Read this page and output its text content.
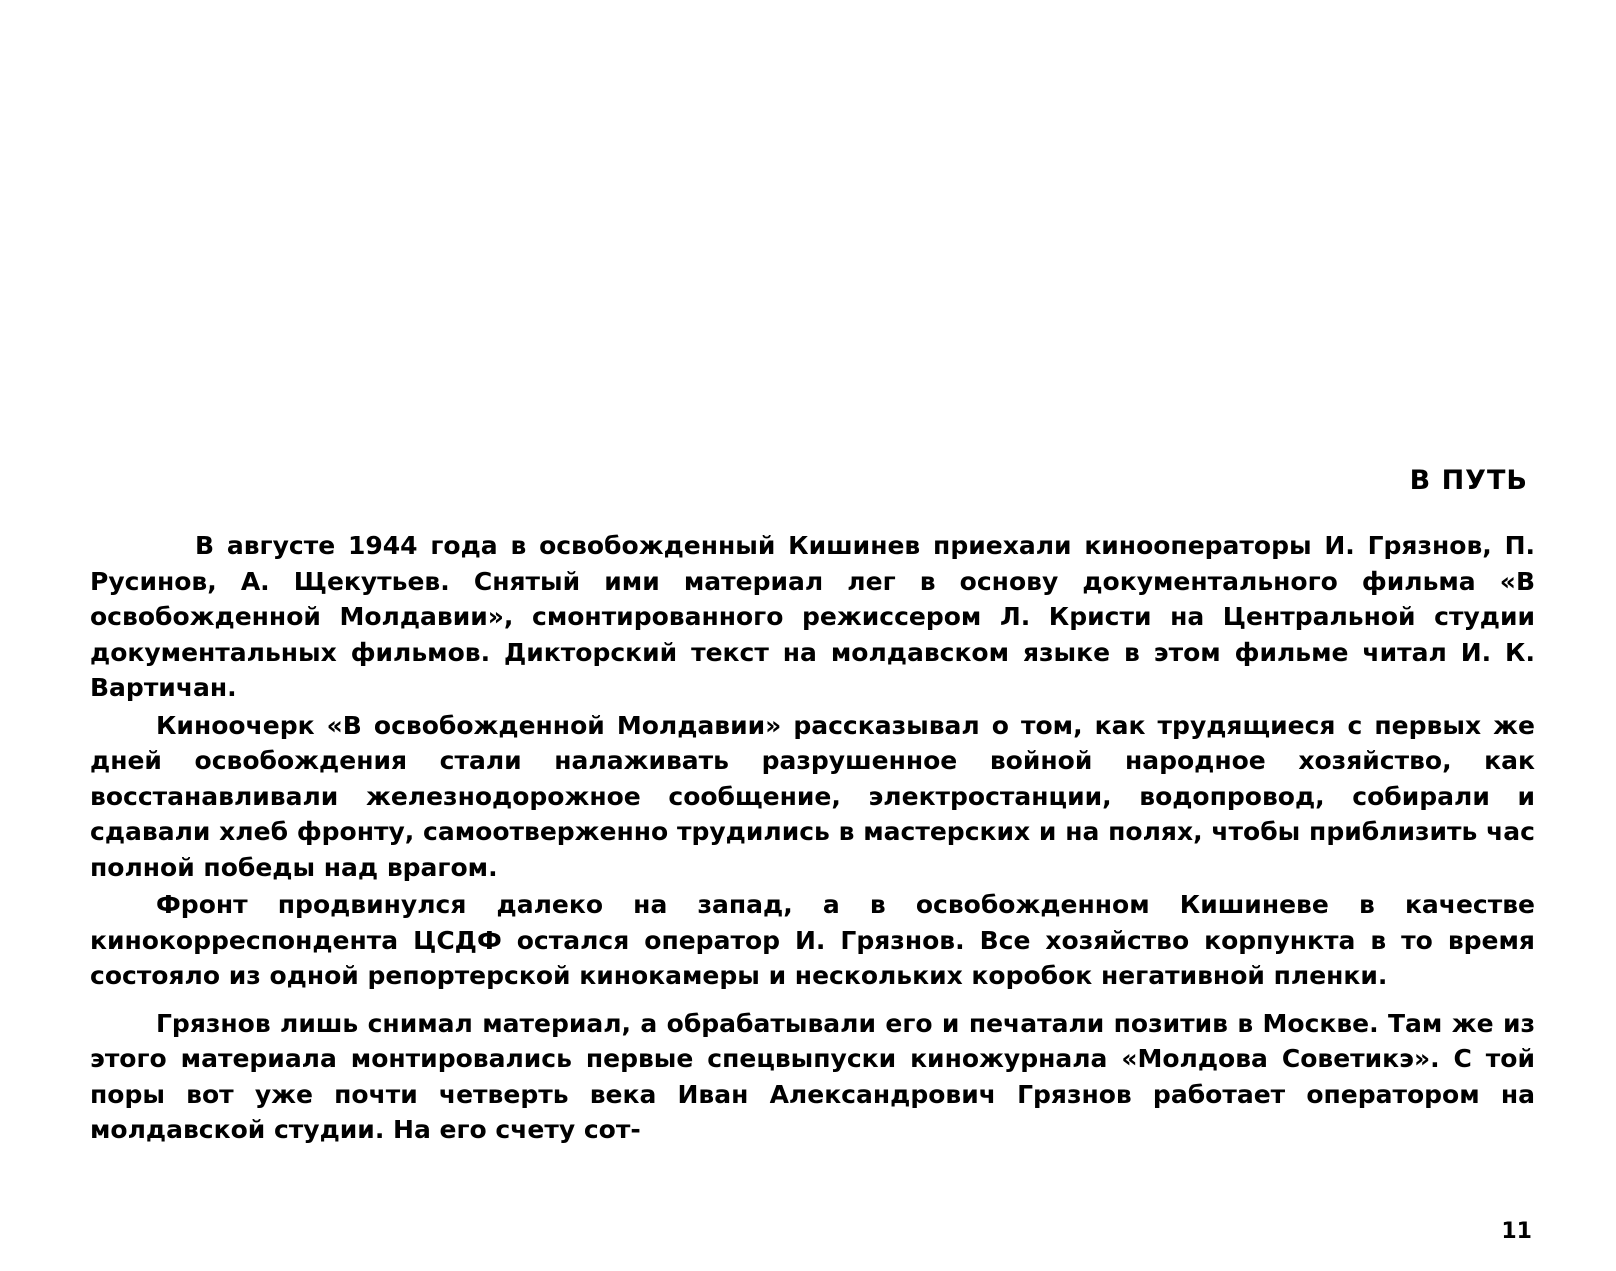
В ПУТЬ

В августе 1944 года в освобожденный Кишинев приехали кинооператоры И. Грязнов, П. Русинов, А. Щекутьев. Снятый ими материал лег в основу документального фильма «В освобожденной Молдавии», смонтированного режиссером Л. Кристи на Центральной студии документальных фильмов. Дикторский текст на молдавском языке в этом фильме читал И. К. Вартичан.

Киноочерк «В освобожденной Молдавии» рассказывал о том, как трудящиеся с первых же дней освобождения стали налаживать разрушенное войной народное хозяйство, как восстанавливали железнодорожное сообщение, электростанции, водопровод, собирали и сдавали хлеб фронту, самоотверженно трудились в мастерских и на полях, чтобы приблизить час полной победы над врагом.

Фронт продвинулся далеко на запад, а в освобожденном Кишиневе в качестве кинокорреспондента ЦСДФ остался оператор И. Грязнов. Все хозяйство корпункта в то время состояло из одной репортерской кинокамеры и нескольких коробок негативной пленки.

Грязнов лишь снимал материал, а обрабатывали его и печатали позитив в Москве. Там же из этого материала монтировались первые спецвыпуски киножурнала «Молдова Советикэ». С той поры вот уже почти четверть века Иван Александрович Грязнов работает оператором на молдавской студии. На его счету сот-

11
